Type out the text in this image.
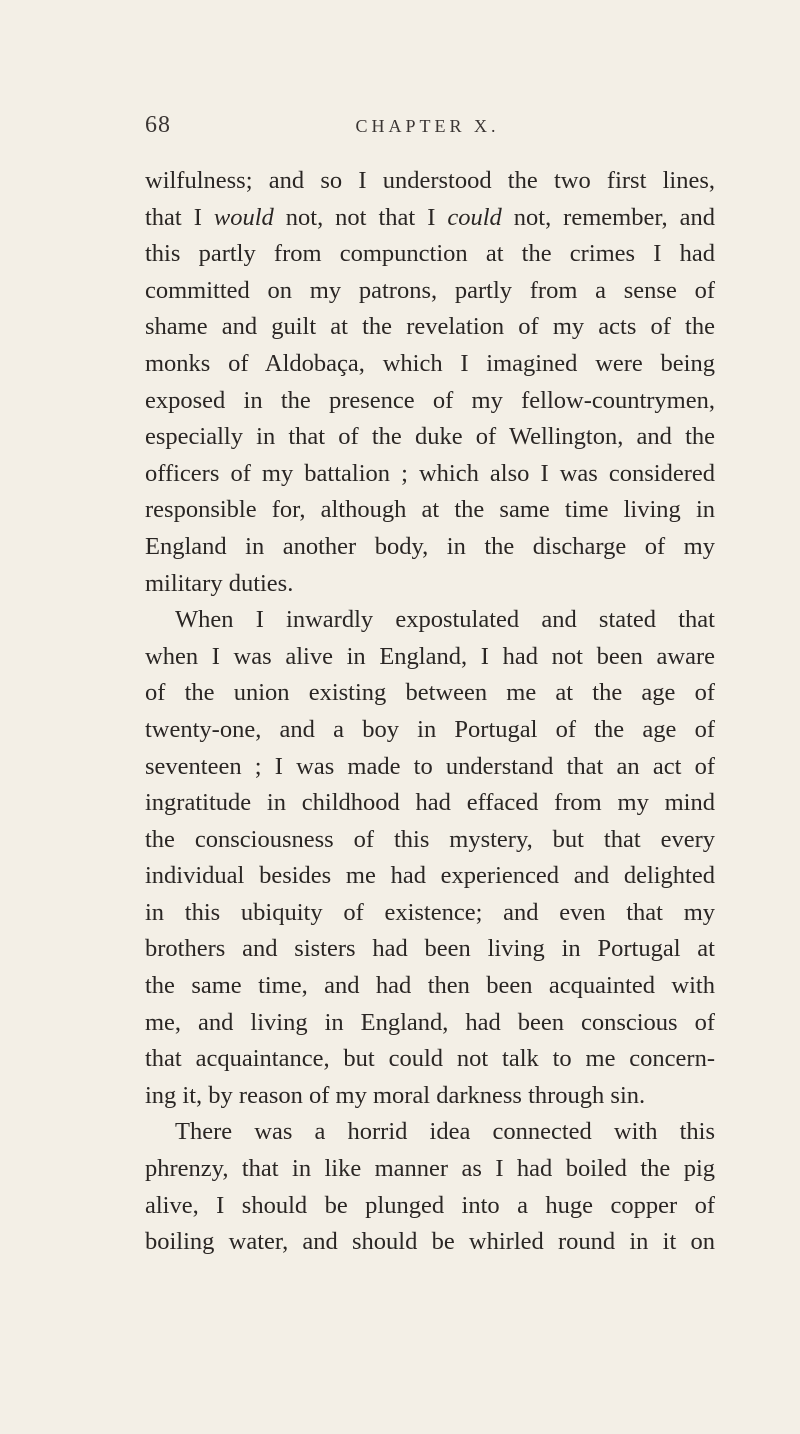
68	CHAPTER X.
wilfulness; and so I understood the two first lines,
that I would not, not that I could not, remember, and
this partly from compunction at the crimes I had
committed on my patrons, partly from a sense of
shame and guilt at the revelation of my acts of the
monks of Aldobaça, which I imagined were being
exposed in the presence of my fellow-countrymen,
especially in that of the duke of Wellington, and the
officers of my battalion ; which also I was considered
responsible for, although at the same time living in
England in another body, in the discharge of my
military duties.
When I inwardly expostulated and stated that
when I was alive in England, I had not been aware
of the union existing between me at the age of
twenty-one, and a boy in Portugal of the age of
seventeen ; I was made to understand that an act of
ingratitude in childhood had effaced from my mind
the consciousness of this mystery, but that every
individual besides me had experienced and delighted
in this ubiquity of existence; and even that my
brothers and sisters had been living in Portugal at
the same time, and had then been acquainted with
me, and living in England, had been conscious of
that acquaintance, but could not talk to me concern-
ing it, by reason of my moral darkness through sin.
There was a horrid idea connected with this
phrenzy, that in like manner as I had boiled the pig
alive, I should be plunged into a huge copper of
boiling water, and should be whirled round in it on
